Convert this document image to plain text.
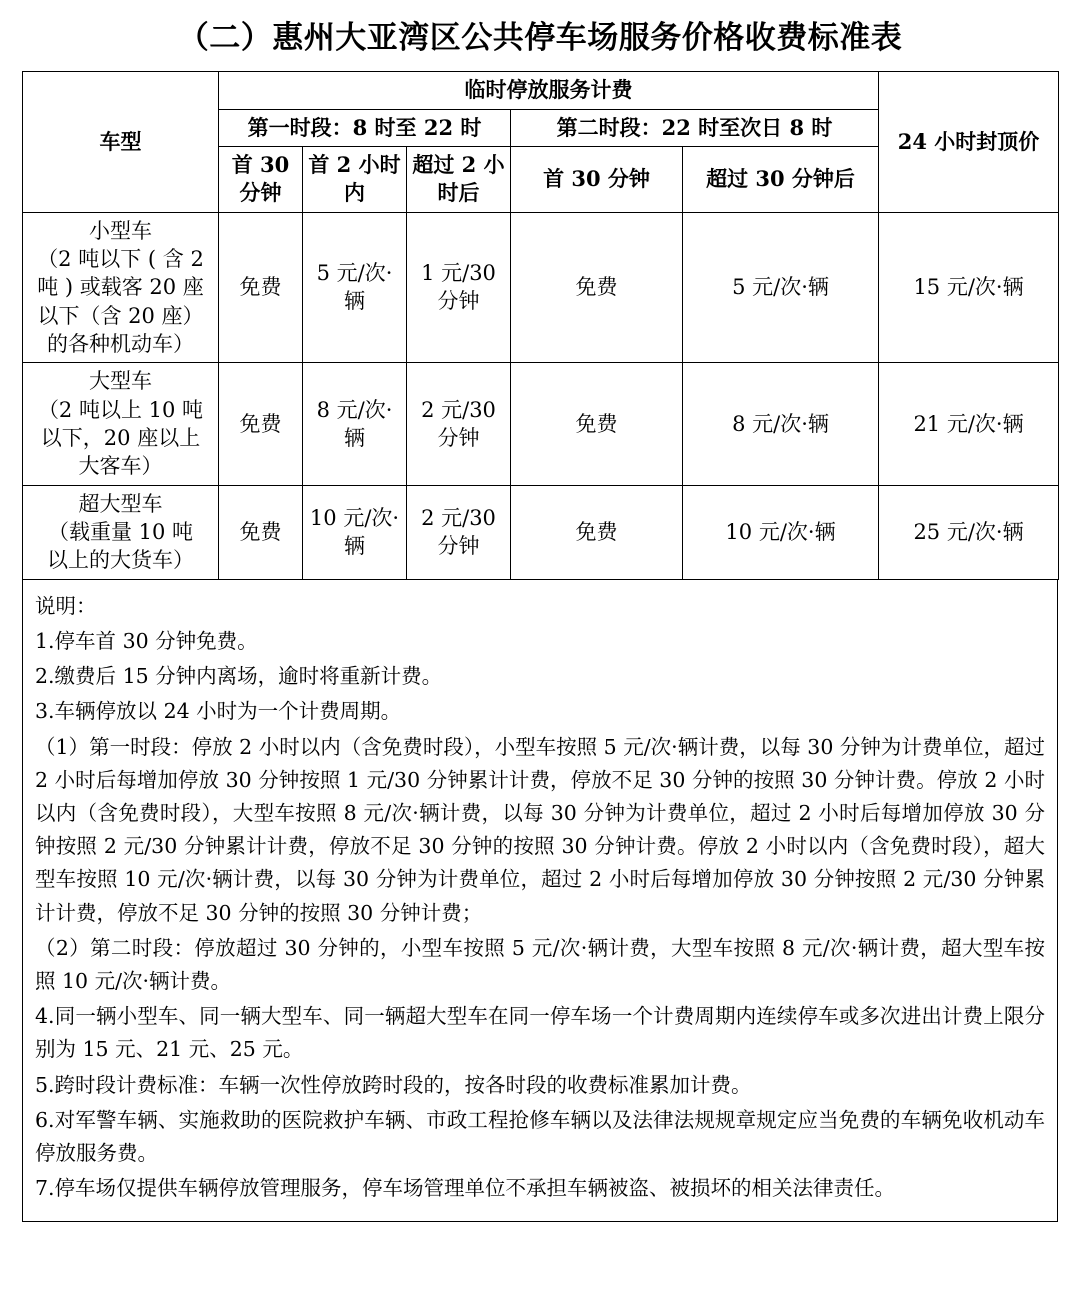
（二）惠州大亚湾区公共停车场服务价格收费标准表
车型	临时停放服务计费					24 小时封顶价
	第一时段：8 时至 22 时			第二时段：22 时至次日 8 时		
	首 30 分钟	首 2 小时内	超过 2 小时后	首 30 分钟	超过 30 分钟后	

小型车
（2 吨以下 ( 含 2
吨 ) 或载客 20 座
以下（含 20 座）
的各种机动车）	免费	5 元/次·辆	1 元/30 分钟	免费	5 元/次·辆	15 元/次·辆

大型车
（2 吨以上 10 吨
以下，20 座以上
大客车）	免费	8 元/次·辆	2 元/30 分钟	免费	8 元/次·辆	21 元/次·辆

超大型车
（载重量 10 吨
以上的大货车）	免费	10 元/次·辆	2 元/30 分钟	免费	10 元/次·辆	25 元/次·辆
说明：
1.停车首 30 分钟免费。
2.缴费后 15 分钟内离场，逾时将重新计费。
3.车辆停放以 24 小时为一个计费周期。
（1）第一时段：停放 2 小时以内（含免费时段），小型车按照 5 元/次·辆计费，以每 30 分钟为计费单位，超过 2 小时后每增加停放 30 分钟按照 1 元/30 分钟累计计费，停放不足 30 分钟的按照 30 分钟计费。停放 2 小时以内（含免费时段），大型车按照 8 元/次·辆计费，以每 30 分钟为计费单位，超过 2 小时后每增加停放 30 分钟按照 2 元/30 分钟累计计费，停放不足 30 分钟的按照 30 分钟计费。停放 2 小时以内（含免费时段），超大型车按照 10 元/次·辆计费，以每 30 分钟为计费单位，超过 2 小时后每增加停放 30 分钟按照 2 元/30 分钟累计计费，停放不足 30 分钟的按照 30 分钟计费；
（2）第二时段：停放超过 30 分钟的，小型车按照 5 元/次·辆计费，大型车按照 8 元/次·辆计费，超大型车按照 10 元/次·辆计费。
4.同一辆小型车、同一辆大型车、同一辆超大型车在同一停车场一个计费周期内连续停车或多次进出计费上限分别为 15 元、21 元、25 元。
5.跨时段计费标准：车辆一次性停放跨时段的，按各时段的收费标准累加计费。
6.对军警车辆、实施救助的医院救护车辆、市政工程抢修车辆以及法律法规规章规定应当免费的车辆免收机动车停放服务费。
7.停车场仅提供车辆停放管理服务，停车场管理单位不承担车辆被盗、被损坏的相关法律责任。
